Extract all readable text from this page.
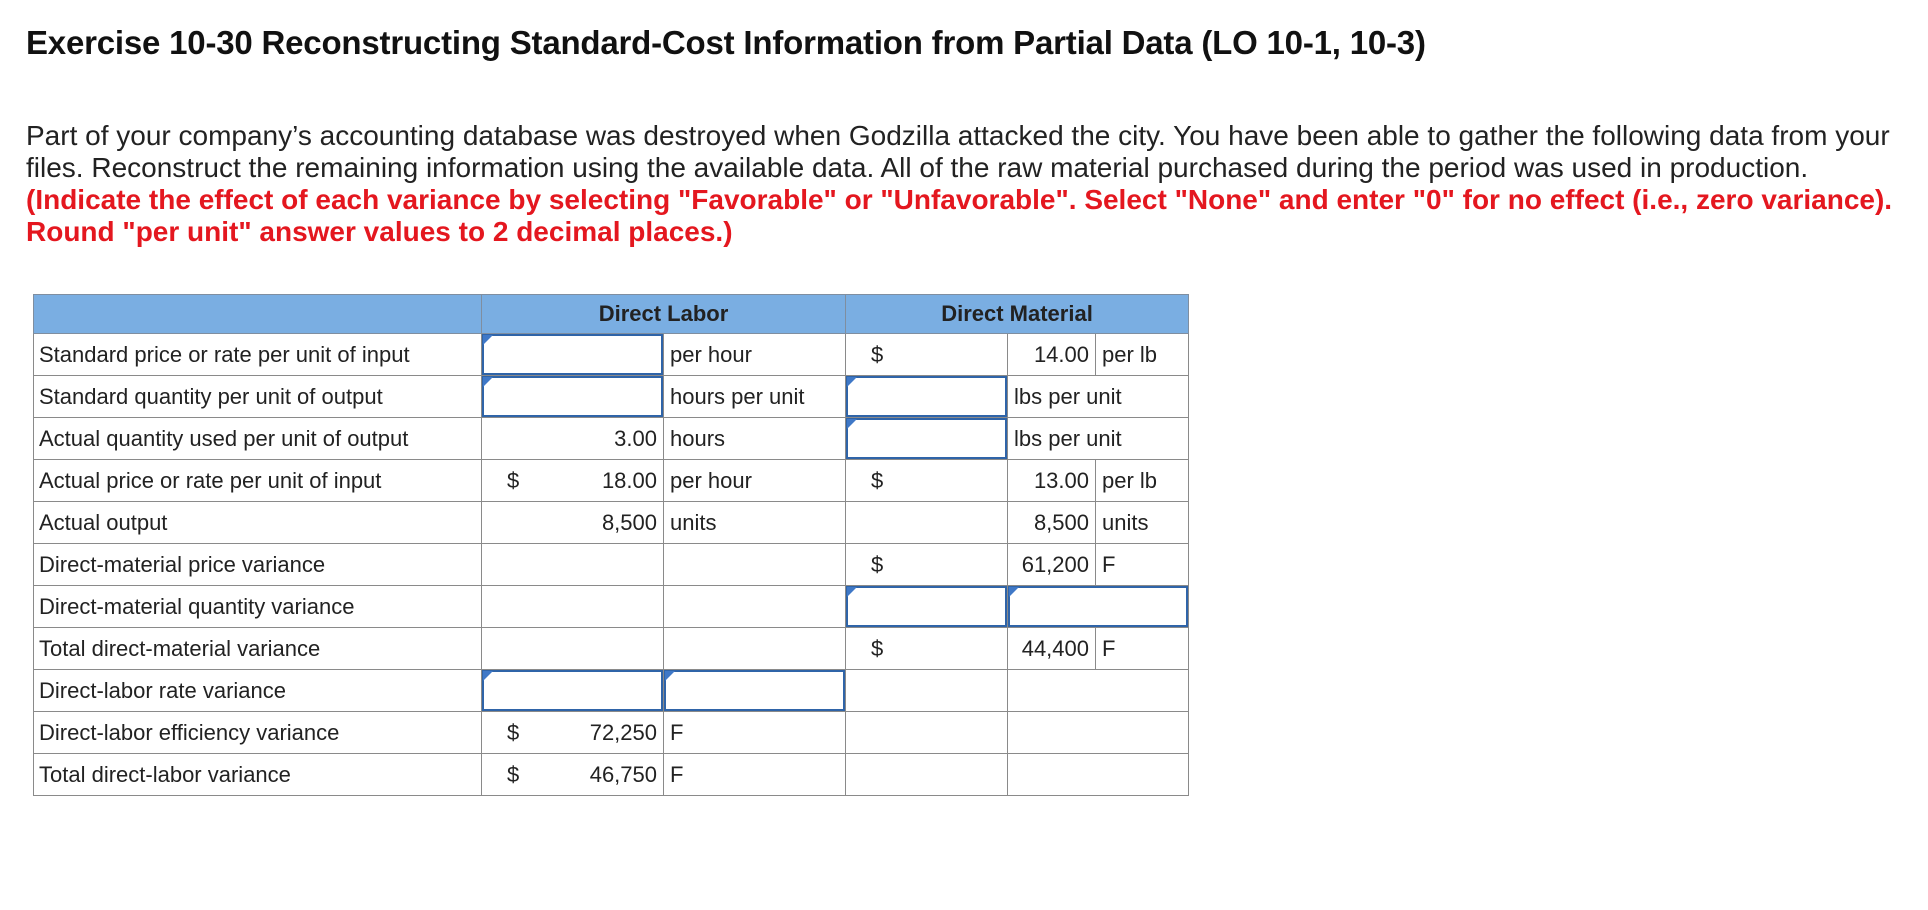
Exercise 10-30 Reconstructing Standard-Cost Information from Partial Data (LO 10-1, 10-3)
Part of your company’s accounting database was destroyed when Godzilla attacked the city. You have been able to gather the following data from your files. Reconstruct the remaining information using the available data. All of the raw material purchased during the period was used in production. (Indicate the effect of each variance by selecting "Favorable" or "Unfavorable". Select "None" and enter "0" for no effect (i.e., zero variance). Round "per unit" answer values to 2 decimal places.)
	Direct Labor		Direct Material	
Standard price or rate per unit of input		per hour	$	14.00 per lb

Standard quantity per unit of output		hours per unit		lbs per unit
Actual quantity used per unit of output	3.00	hours		lbs per unit
Actual price or rate per unit of input	$ 18.00	per hour	$	13.00 per lb

Actual output	8,500	units		8,500 units

Direct-material price variance			$	61,200 F

Direct-material quantity variance				
Total direct-material variance			$	44,400 F

Direct-labor rate variance				
Direct-labor efficiency variance	$ 72,250	F		
Total direct-labor variance	$ 46,750	F		
